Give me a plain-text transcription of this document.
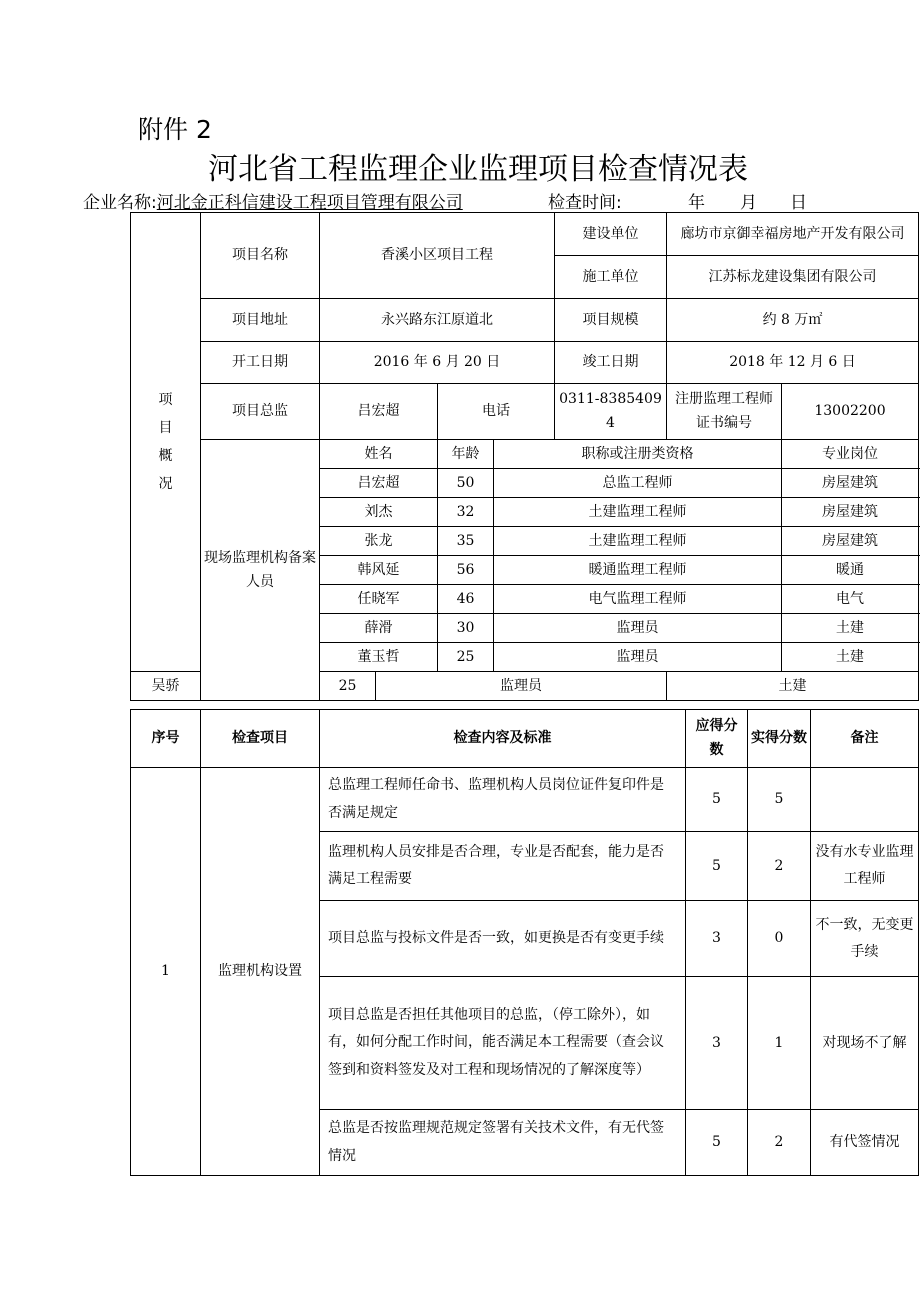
附件 2
河北省工程监理企业监理项目检查情况表
企业名称:河北金正科信建设工程项目管理有限公司	检查时间:	年 月 日
项
目
概
况	项目名称	香溪小区项目工程		建设单位	廊坊市京御幸福房地产开发有限公司	
				施工单位	江苏标龙建设集团有限公司	
	项目地址	永兴路东江原道北		项目规模	约 8 万㎡	
	开工日期	2016 年 6 月 20 日		竣工日期	2018 年 12 月 6 日	
	项目总监	吕宏超	电话	0311-83854094	注册监理工程师证书编号	13002200
	现场监理机构备案人员	姓名	年龄 职称或注册类资格			专业岗位
		吕宏超	50 总监工程师			房屋建筑
		刘杰	32 土建监理工程师			房屋建筑
		张龙	35 土建监理工程师			房屋建筑
		韩风延	56 暖通监理工程师			暖通
		任晓军	46 电气监理工程师			电气
		薛滑	30 监理员			土建
		董玉哲	25 监理员			土建
吴骄		25 监理员			土建	
序号	检查项目	检查内容及标准	应得分数	实得分数	备注
1	监理机构设置	总监理工程师任命书、监理机构人员岗位证件复印件是否满足规定	5	5	
		监理机构人员安排是否合理，专业是否配套，能力是否满足工程需要	5	2	没有水专业监理工程师
		项目总监与投标文件是否一致，如更换是否有变更手续	3	0	不一致，无变更手续
		项目总监是否担任其他项目的总监，（停工除外），如有，如何分配工作时间，能否满足本工程需要（查会议签到和资料签发及对工程和现场情况的了解深度等）	3	1	对现场不了解
		总监是否按监理规范规定签署有关技术文件，有无代签情况	5	2	有代签情况
